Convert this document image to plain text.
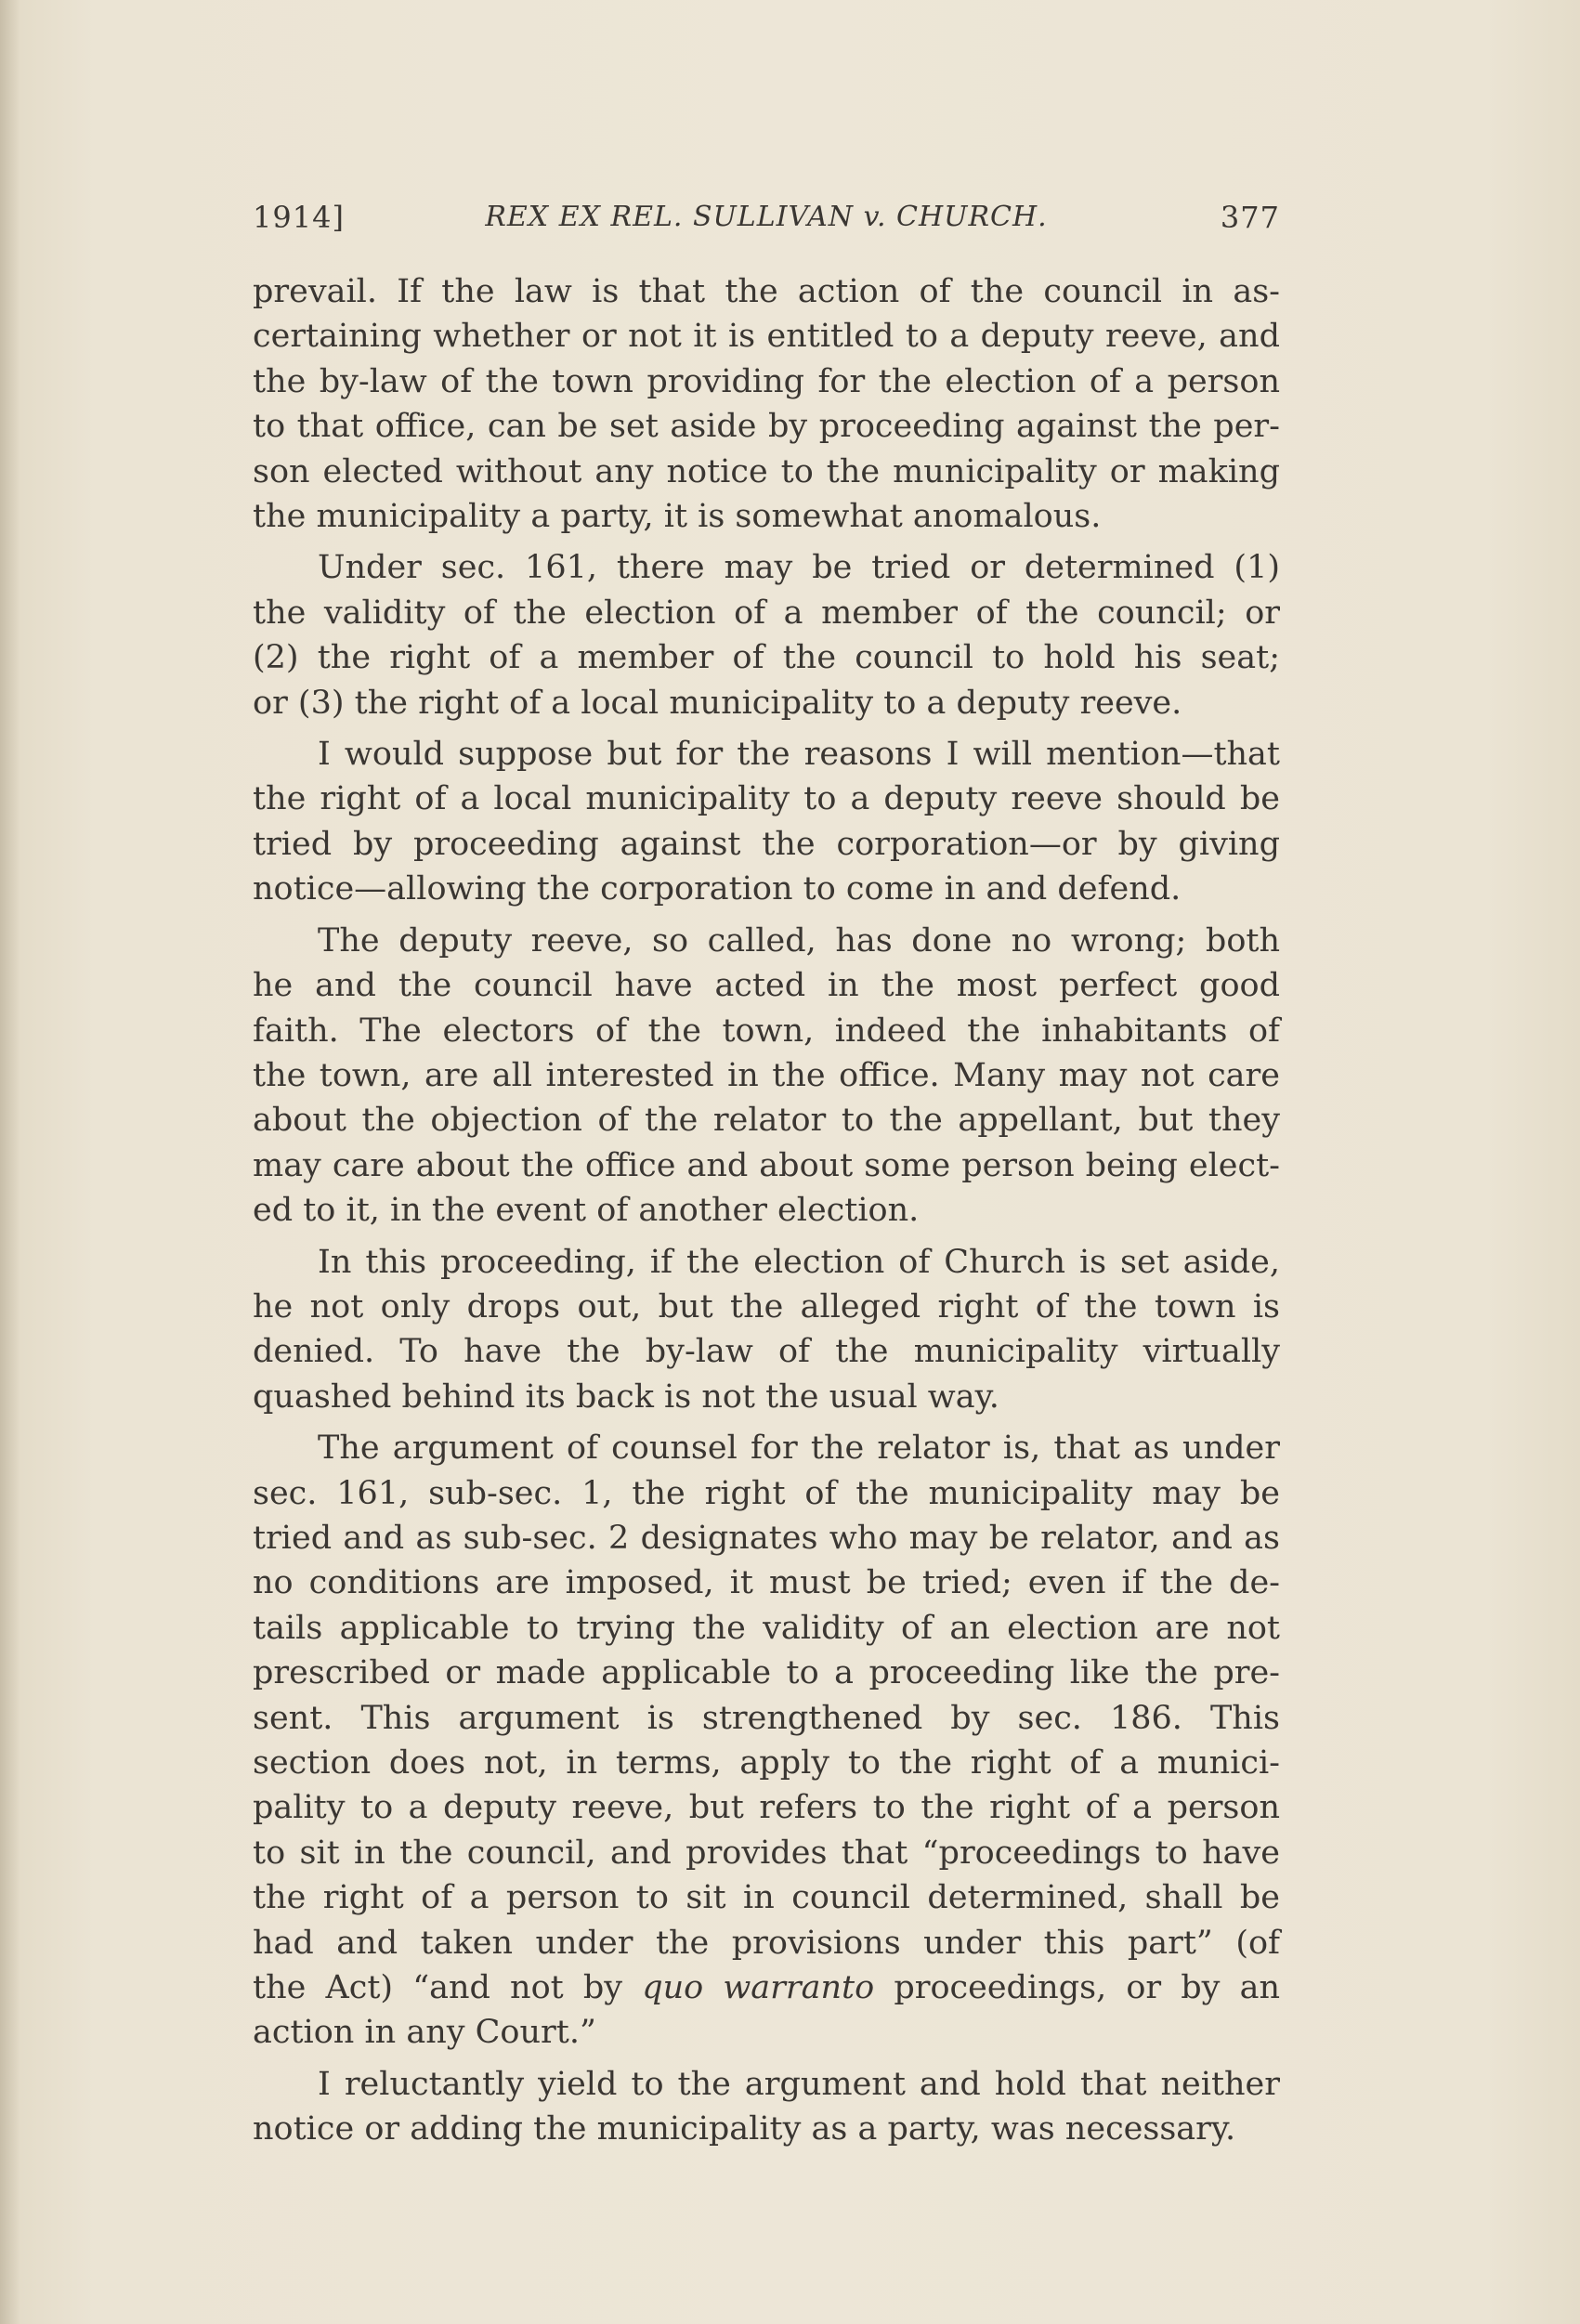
1914]	REX EX REL. SULLIVAN v. CHURCH.	377
prevail. If the law is that the action of the council in as-
certaining whether or not it is entitled to a deputy reeve, and
the by-law of the town providing for the election of a person
to that office, can be set aside by proceeding against the per-
son elected without any notice to the municipality or making
the municipality a party, it is somewhat anomalous.
Under sec. 161, there may be tried or determined (1)
the validity of the election of a member of the council; or
(2) the right of a member of the council to hold his seat;
or (3) the right of a local municipality to a deputy reeve.
I would suppose but for the reasons I will mention—that
the right of a local municipality to a deputy reeve should be
tried by proceeding against the corporation—or by giving
notice—allowing the corporation to come in and defend.
The deputy reeve, so called, has done no wrong; both
he and the council have acted in the most perfect good
faith. The electors of the town, indeed the inhabitants of
the town, are all interested in the office. Many may not care
about the objection of the relator to the appellant, but they
may care about the office and about some person being elect-
ed to it, in the event of another election.
In this proceeding, if the election of Church is set aside,
he not only drops out, but the alleged right of the town is
denied. To have the by-law of the municipality virtually
quashed behind its back is not the usual way.
The argument of counsel for the relator is, that as under
sec. 161, sub-sec. 1, the right of the municipality may be
tried and as sub-sec. 2 designates who may be relator, and as
no conditions are imposed, it must be tried; even if the de-
tails applicable to trying the validity of an election are not
prescribed or made applicable to a proceeding like the pre-
sent. This argument is strengthened by sec. 186. This
section does not, in terms, apply to the right of a munici-
pality to a deputy reeve, but refers to the right of a person
to sit in the council, and provides that “proceedings to have
the right of a person to sit in council determined, shall be
had and taken under the provisions under this part” (of
the Act) “and not by quo warranto proceedings, or by an
action in any Court.”
I reluctantly yield to the argument and hold that neither
notice or adding the municipality as a party, was necessary.
